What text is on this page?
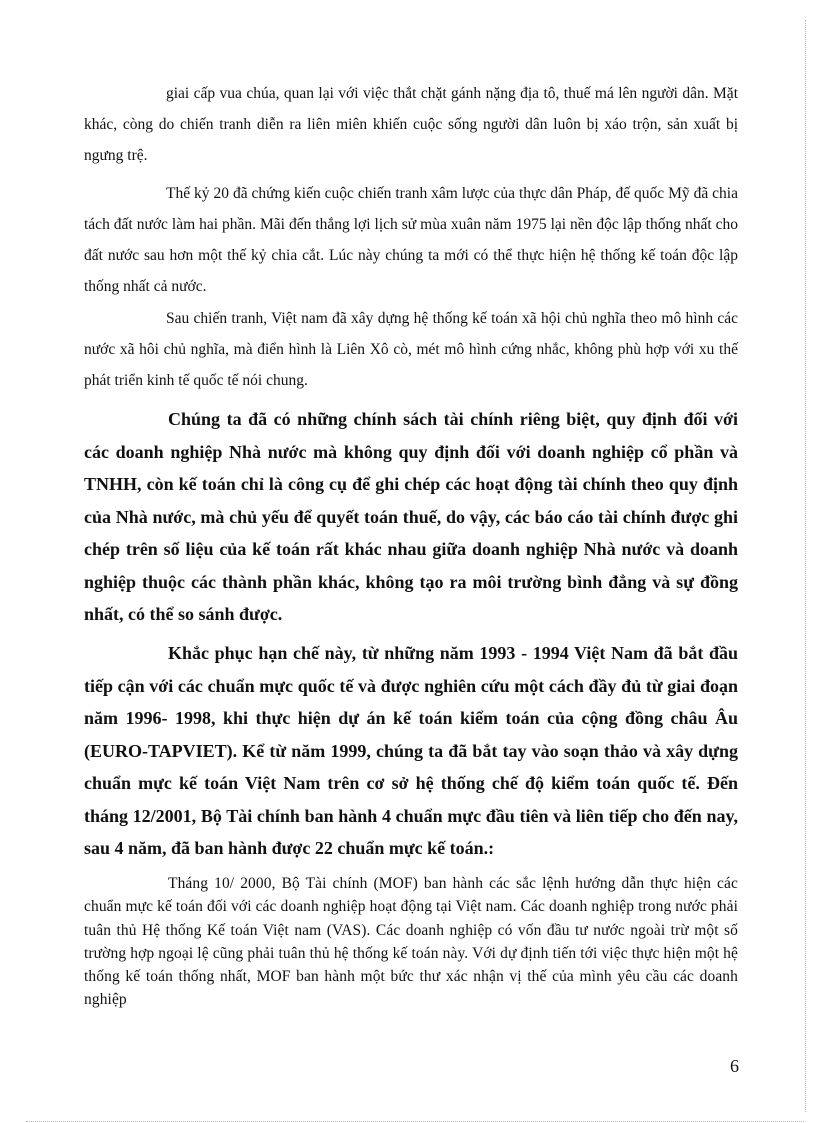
giai cấp vua chúa, quan lại với việc thắt chặt gánh nặng địa tô, thuế má lên người dân. Mặt khác, còng do chiến tranh diễn ra liên miên khiến cuộc sống người dân luôn bị xáo trộn, sản xuất bị ngưng trệ.

Thế kỷ 20 đã chứng kiến cuộc chiến tranh xâm lược của thực dân Pháp, đế quốc Mỹ đã chia tách đất nước làm hai phần. Mãi đến thắng lợi lịch sử mùa xuân năm 1975 lại nền độc lập thống nhất cho đất nước sau hơn một thế kỷ chia cắt. Lúc này chúng ta mới có thể thực hiện hệ thống kế toán độc lập thống nhất cả nước.

Sau chiến tranh, Việt nam đã xây dựng hệ thống kế toán xã hội chủ nghĩa theo mô hình các nước xã hôi chủ nghĩa, mà điển hình là Liên Xô cò, mét mô hình cứng nhắc, không phù hợp với xu thế phát triển kinh tế quốc tế nói chung.

Chúng ta đã có những chính sách tài chính riêng biệt, quy định đối với các doanh nghiệp Nhà nước mà không quy định đối với doanh nghiệp cổ phần và TNHH, còn kế toán chỉ là công cụ để ghi chép các hoạt động tài chính theo quy định của Nhà nước, mà chủ yếu để quyết toán thuế, do vậy, các báo cáo tài chính được ghi chép trên số liệu của kế toán rất khác nhau giữa doanh nghiệp Nhà nước và doanh nghiệp thuộc các thành phần khác, không tạo ra môi trường bình đẳng và sự đồng nhất, có thể so sánh được.

Khắc phục hạn chế này, từ những năm 1993 - 1994 Việt Nam đã bắt đầu tiếp cận với các chuẩn mực quốc tế và được nghiên cứu một cách đầy đủ từ giai đoạn năm 1996- 1998, khi thực hiện dự án kế toán kiểm toán của cộng đồng châu Âu (EURO-TAPVIET). Kể từ năm 1999, chúng ta đã bắt tay vào soạn thảo và xây dựng chuẩn mực kế toán Việt Nam trên cơ sở hệ thống chế độ kiểm toán quốc tế. Đến tháng 12/2001, Bộ Tài chính ban hành 4 chuẩn mực đầu tiên và liên tiếp cho đến nay, sau 4 năm, đã ban hành được 22 chuẩn mực kế toán.:

Tháng 10/ 2000, Bộ Tài chính (MOF) ban hành các sắc lệnh hướng dẫn thực hiện các chuẩn mực kế toán đối với các doanh nghiệp hoạt động tại Việt nam. Các doanh nghiệp trong nước phải tuân thủ Hệ thống Kế toán Việt nam (VAS). Các doanh nghiệp có vốn đầu tư nước ngoài trừ một số trường hợp ngoại lệ cũng phải tuân thủ hệ thống kế toán này. Với dự định tiến tới việc thực hiện một hệ thống kế toán thống nhất, MOF ban hành một bức thư xác nhận vị thế của mình yêu cầu các doanh nghiệp

6
